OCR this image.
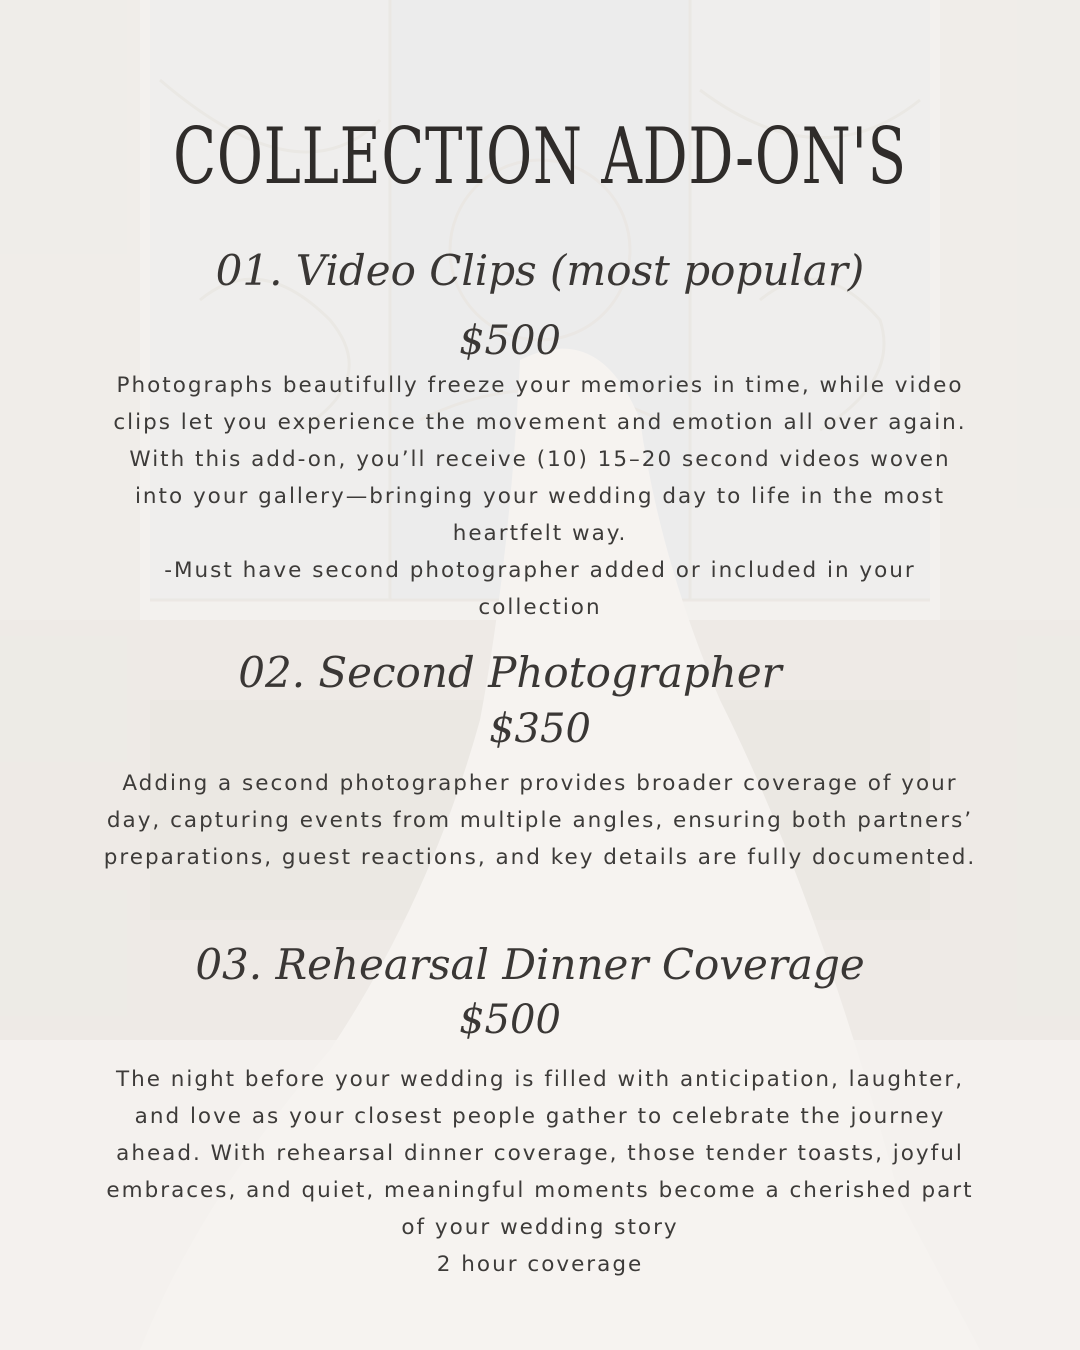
COLLECTION ADD-ON'S
01. Video Clips (most popular)
$500

Photographs beautifully freeze your memories in time, while video clips let you experience the movement and emotion all over again. With this add-on, you’ll receive (10) 15–20 second videos woven into your gallery—bringing your wedding day to life in the most heartfelt way.
-Must have second photographer added or included in your collection

02. Second Photographer
$350

Adding a second photographer provides broader coverage of your day, capturing events from multiple angles, ensuring both partners’ preparations, guest reactions, and key details are fully documented.

03. Rehearsal Dinner Coverage
$500

The night before your wedding is filled with anticipation, laughter, and love as your closest people gather to celebrate the journey ahead. With rehearsal dinner coverage, those tender toasts, joyful embraces, and quiet, meaningful moments become a cherished part of your wedding story
2 hour coverage
